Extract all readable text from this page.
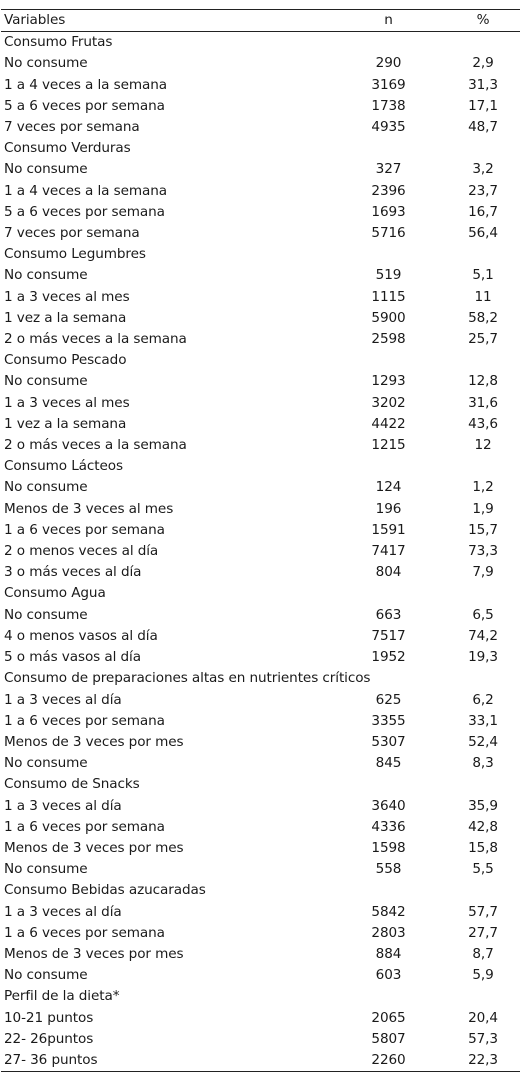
Variables	n	%
Consumo Frutas		
No consume	290	2,9
1 a 4 veces a la semana	3169	31,3
5 a 6 veces por semana	1738	17,1
7 veces por semana	4935	48,7
Consumo Verduras		
No consume	327	3,2
1 a 4 veces a la semana	2396	23,7
5 a 6 veces por semana	1693	16,7
7 veces por semana	5716	56,4
Consumo Legumbres		
No consume	519	5,1
1 a 3 veces al mes	1115	11
1 vez a la semana	5900	58,2
2 o más veces a la semana	2598	25,7
Consumo Pescado		
No consume	1293	12,8
1 a 3 veces al mes	3202	31,6
1 vez a la semana	4422	43,6
2 o más veces a la semana	1215	12
Consumo Lácteos		
No consume	124	1,2
Menos de 3 veces al mes	196	1,9
1 a 6 veces por semana	1591	15,7
2 o menos veces al día	7417	73,3
3 o más veces al día	804	7,9
Consumo Agua		
No consume	663	6,5
4 o menos vasos al día	7517	74,2
5 o más vasos al día	1952	19,3
Consumo de preparaciones altas en nutrientes críticos		
1 a 3 veces al día	625	6,2
1 a 6 veces por semana	3355	33,1
Menos de 3 veces por mes	5307	52,4
No consume	845	8,3
Consumo de Snacks		
1 a 3 veces al día	3640	35,9
1 a 6 veces por semana	4336	42,8
Menos de 3 veces por mes	1598	15,8
No consume	558	5,5
Consumo Bebidas azucaradas		
1 a 3 veces al día	5842	57,7
1 a 6 veces por semana	2803	27,7
Menos de 3 veces por mes	884	8,7
No consume	603	5,9
Perfil de la dieta*		
10-21 puntos	2065	20,4
22- 26puntos	5807	57,3
27- 36 puntos	2260	22,3
